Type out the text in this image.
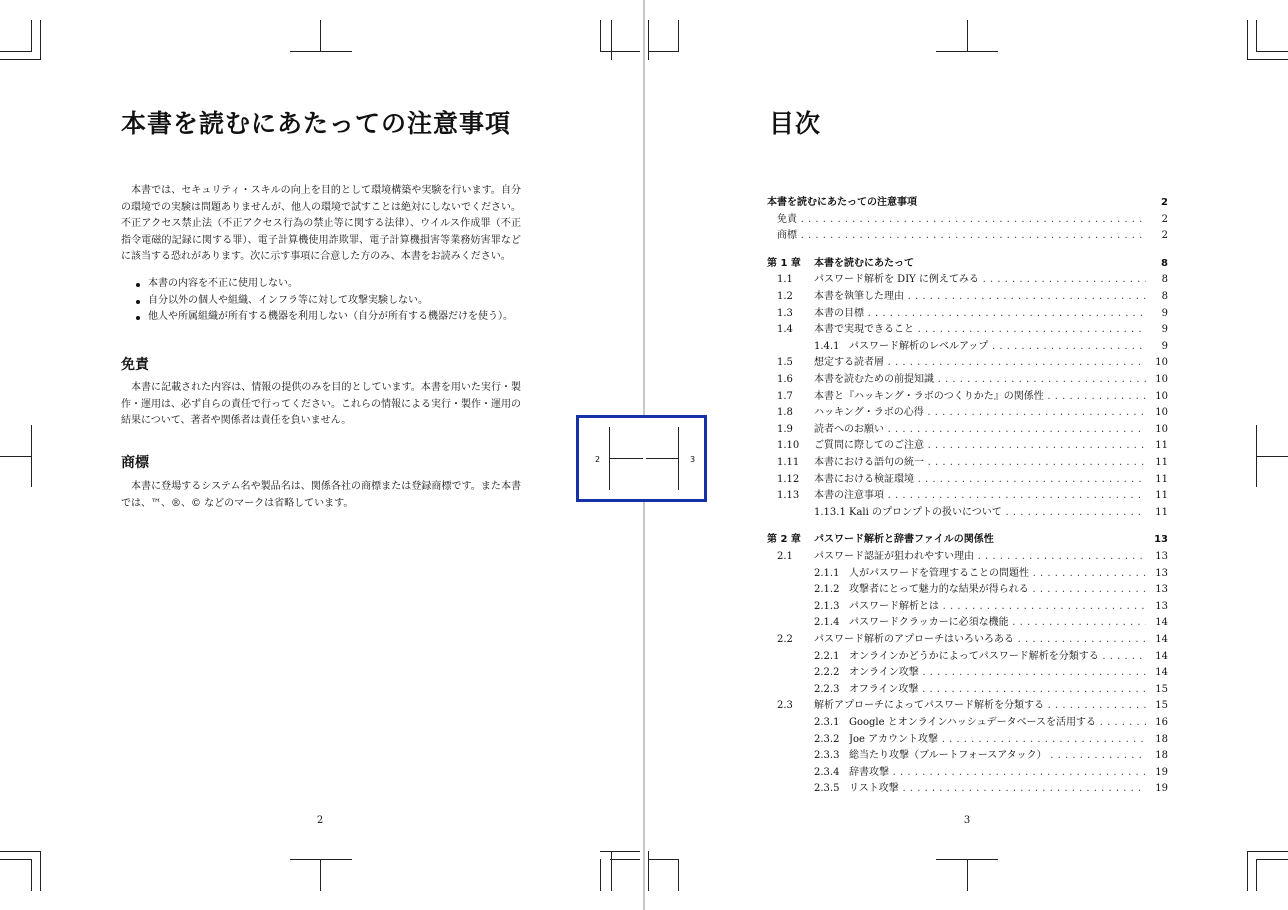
本書を読むにあたっての注意事項
本書では、セキュリティ・スキルの向上を目的として環境構築や実験を行います。自分の環境での実験は問題ありませんが、他人の環境で試すことは絶対にしないでください。不正アクセス禁止法（不正アクセス行為の禁止等に関する法律）、ウイルス作成罪（不正指令電磁的記録に関する罪）、電子計算機使用詐欺罪、電子計算機損害等業務妨害罪などに該当する恐れがあります。次に示す事項に合意した方のみ、本書をお読みください。
本書の内容を不正に使用しない。
自分以外の個人や組織、インフラ等に対して攻撃実験しない。
他人や所属組織が所有する機器を利用しない（自分が所有する機器だけを使う）。
免責
本書に記載された内容は、情報の提供のみを目的としています。本書を用いた実行・製作・運用は、必ず自らの責任で行ってください。これらの情報による実行・製作・運用の結果について、著者や関係者は責任を負いません。
商標
本書に登場するシステム名や製品名は、関係各社の商標または登録商標です。また本書では、™、®、© などのマークは省略しています。
2
目次
3
本書を読むにあたっての注意事項	2
免責 . . .	2
商標 . . .	2
第 1 章 本書を読むにあたって	8
1.1 パスワード解析を DIY に例えてみる . . .	8
1.2 本書を執筆した理由 . . .	8
1.3 本書の目標 . . .	9
1.4 本書で実現できること . . .	9
1.4.1 パスワード解析のレベルアップ . . .	9
1.5 想定する読者層 . . .	10
1.6 本書を読むための前提知識 . . .	10
1.7 本書と『ハッキング・ラボのつくりかた』の関係性 . . .	10
1.8 ハッキング・ラボの心得 . . .	10
1.9 読者へのお願い . . .	10
1.10 ご質問に際してのご注意 . . .	11
1.11 本書における語句の統一 . . .	11
1.12 本書における検証環境 . . .	11
1.13 本書の注意事項 . . .	11
1.13.1 Kali のプロンプトの扱いについて . . .	11
第 2 章 パスワード解析と辞書ファイルの関係性	13
2.1 パスワード認証が狙われやすい理由 . . .	13
2.1.1 人がパスワードを管理することの問題性 . . .	13
2.1.2 攻撃者にとって魅力的な結果が得られる . . .	13
2.1.3 パスワード解析とは . . .	13
2.1.4 パスワードクラッカーに必須な機能 . . .	14
2.2 パスワード解析のアプローチはいろいろある . . .	14
2.2.1 オンラインかどうかによってパスワード解析を分類する . . .	14
2.2.2 オンライン攻撃 . . .	14
2.2.3 オフライン攻撃 . . .	15
2.3 解析アプローチによってパスワード解析を分類する . . .	15
2.3.1 Google とオンラインハッシュデータベースを活用する . . .	16
2.3.2 Joe アカウント攻撃 . . .	18
2.3.3 総当たり攻撃（ブルートフォースアタック） . . .	18
2.3.4 辞書攻撃 . . .	19
2.3.5 リスト攻撃 . . .	19
2	3
